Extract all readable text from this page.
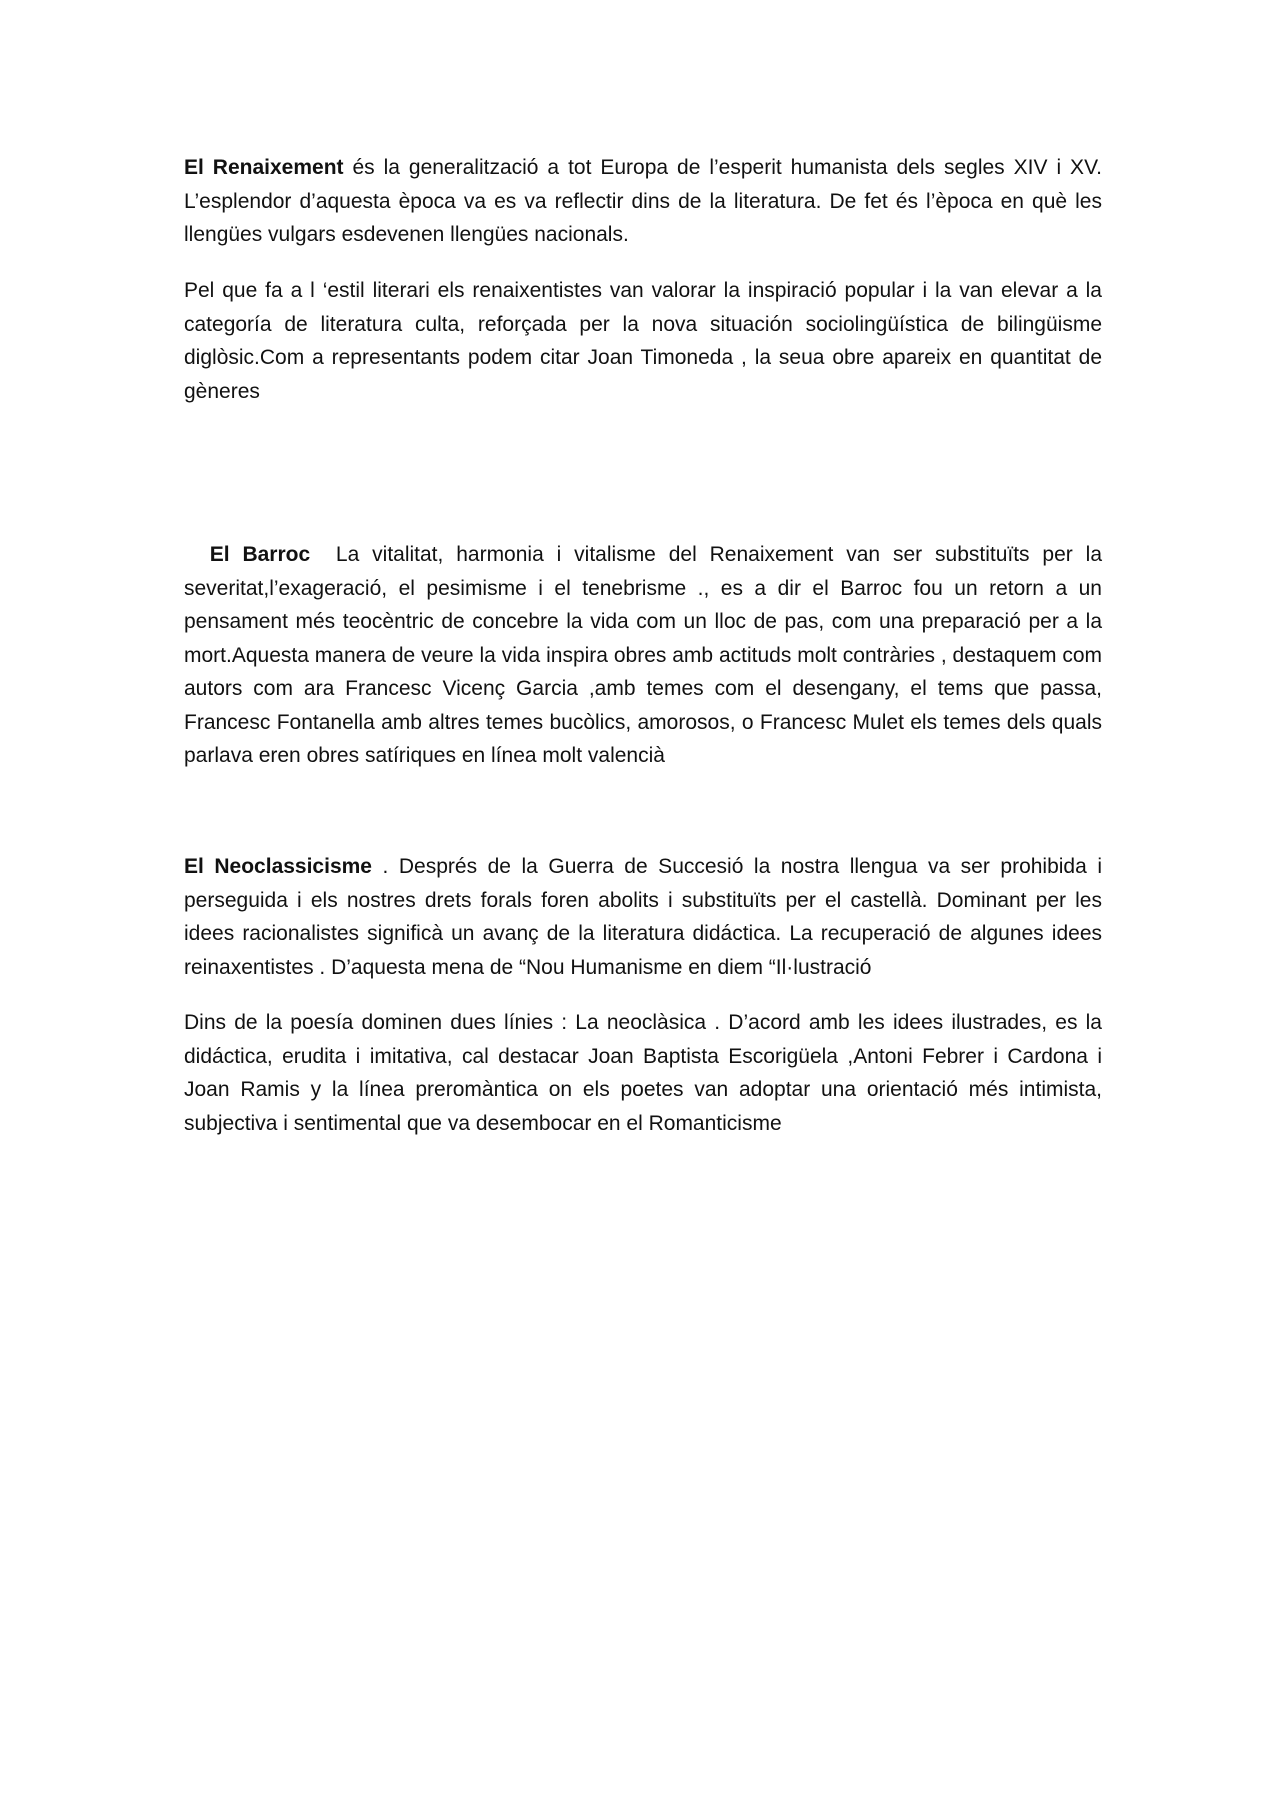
El Renaixement és la generalització a tot Europa de l’esperit humanista dels segles XIV i XV. L’esplendor d’aquesta època va es va reflectir dins de la literatura. De fet és l’època en què les llengües vulgars esdevenen llengües nacionals.

Pel que fa a l ‘estil literari els renaixentistes van valorar la inspiració popular i la van elevar a la categoría de literatura culta, reforçada per la nova situación sociolingüística de bilingüisme diglòsic.Com a representants podem citar Joan Timoneda , la seua obre apareix en quantitat de gèneres

El Barroc  La vitalitat, harmonia i vitalisme del Renaixement van ser substituïts per la severitat,l’exageració, el pesimisme i el tenebrisme ., es a dir el Barroc fou un retorn a un pensament més teocèntric de concebre la vida com un lloc de pas, com una preparació per a la mort.Aquesta manera de veure la vida inspira obres amb actituds molt contràries , destaquem com autors com ara Francesc Vicenç Garcia ,amb temes com el desengany, el tems que passa, Francesc Fontanella amb altres temes bucòlics, amorosos, o Francesc Mulet els temes dels quals parlava eren obres satíriques en línea molt valencià

El Neoclassicisme . Després de la Guerra de Succesió la nostra llengua va ser prohibida i perseguida i els nostres drets forals foren abolits i substituïts per el castellà. Dominant per les idees racionalistes significà un avanç de la literatura didáctica. La recuperació de algunes idees reinaxentistes . D’aquesta mena de “Nou Humanisme en diem “Il·lustració

Dins de la poesía dominen dues línies : La neoclàsica . D’acord amb les idees ilustrades, es la didáctica, erudita i imitativa, cal destacar Joan Baptista Escorigüela ,Antoni Febrer i Cardona i Joan Ramis y la línea preromàntica on els poetes van adoptar una orientació més intimista, subjectiva i sentimental que va desembocar en el Romanticisme
